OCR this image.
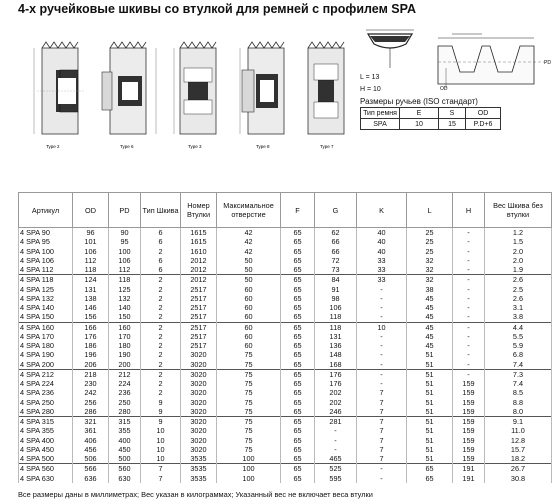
4-х ручейковые шкивы со втулкой для ремней с профилем SPA
Type 2	Type 6	Туре 3	Type 8	Type 7
L = 13
H = 10
PD
OD
Размеры ручьев (ISO стандарт)
Тип ремня	E	S	OD
SPA	10	15	P.D+6
Артикул	OD	PD	Тип Шкива	Номер Втулки	Максимальное отверстие	F	G	K	L	H	Вес Шкива без втулки
4 SPA 90	96	90	6	1615	42	65	62	40	25	-	1.2
4 SPA 95	101	95	6	1615	42	65	66	40	25	-	1.5
4 SPA 100	106	100	2	1610	42	65	66	40	25	-	2.0
4 SPA 106	112	106	6	2012	50	65	72	33	32	-	2.0
4 SPA 112	118	112	6	2012	50	65	73	33	32	-	1.9
4 SPA 118	124	118	2	2012	50	65	84	33	32	-	2.6
4 SPA 125	131	125	2	2517	60	65	91	-	38	-	2.5
4 SPA 132	138	132	2	2517	60	65	98	-	45	-	2.6
4 SPA 140	146	140	2	2517	60	65	106	-	45	-	3.1
4 SPA 150	156	150	2	2517	60	65	118	-	45	-	3.8
4 SPA 160	166	160	2	2517	60	65	118	10	45	-	4.4
4 SPA 170	176	170	2	2517	60	65	131	-	45	-	5.5
4 SPA 180	186	180	2	2517	60	65	136	-	45	-	5.9
4 SPA 190	196	190	2	3020	75	65	148	-	51	-	6.8
4 SPA 200	206	200	2	3020	75	65	168	-	51	-	7.4
4 SPA 212	218	212	2	3020	75	65	176	-	51	-	7.3
4 SPA 224	230	224	2	3020	75	65	176	-	51	159	7.4
4 SPA 236	242	236	2	3020	75	65	202	7	51	159	8.5
4 SPA 250	256	250	9	3020	75	65	202	7	51	159	8.8
4 SPA 280	286	280	9	3020	75	65	246	7	51	159	8.0
4 SPA 315	321	315	9	3020	75	65	281	7	51	159	9.1
4 SPA 355	361	355	10	3020	75	65	-	7	51	159	11.0
4 SPA 400	406	400	10	3020	75	65	-	7	51	159	12.8
4 SPA 450	456	450	10	3020	75	65	-	7	51	159	15.7
4 SPA 500	506	500	10	3535	100	65	465	7	51	159	18.2
4 SPA 560	566	560	7	3535	100	65	525	-	65	191	26.7
4 SPA 630	636	630	7	3535	100	65	595	-	65	191	30.8
Все размеры даны в миллиметрах; Вес указан в килограммах; Указанный вес не включает веса втулки
